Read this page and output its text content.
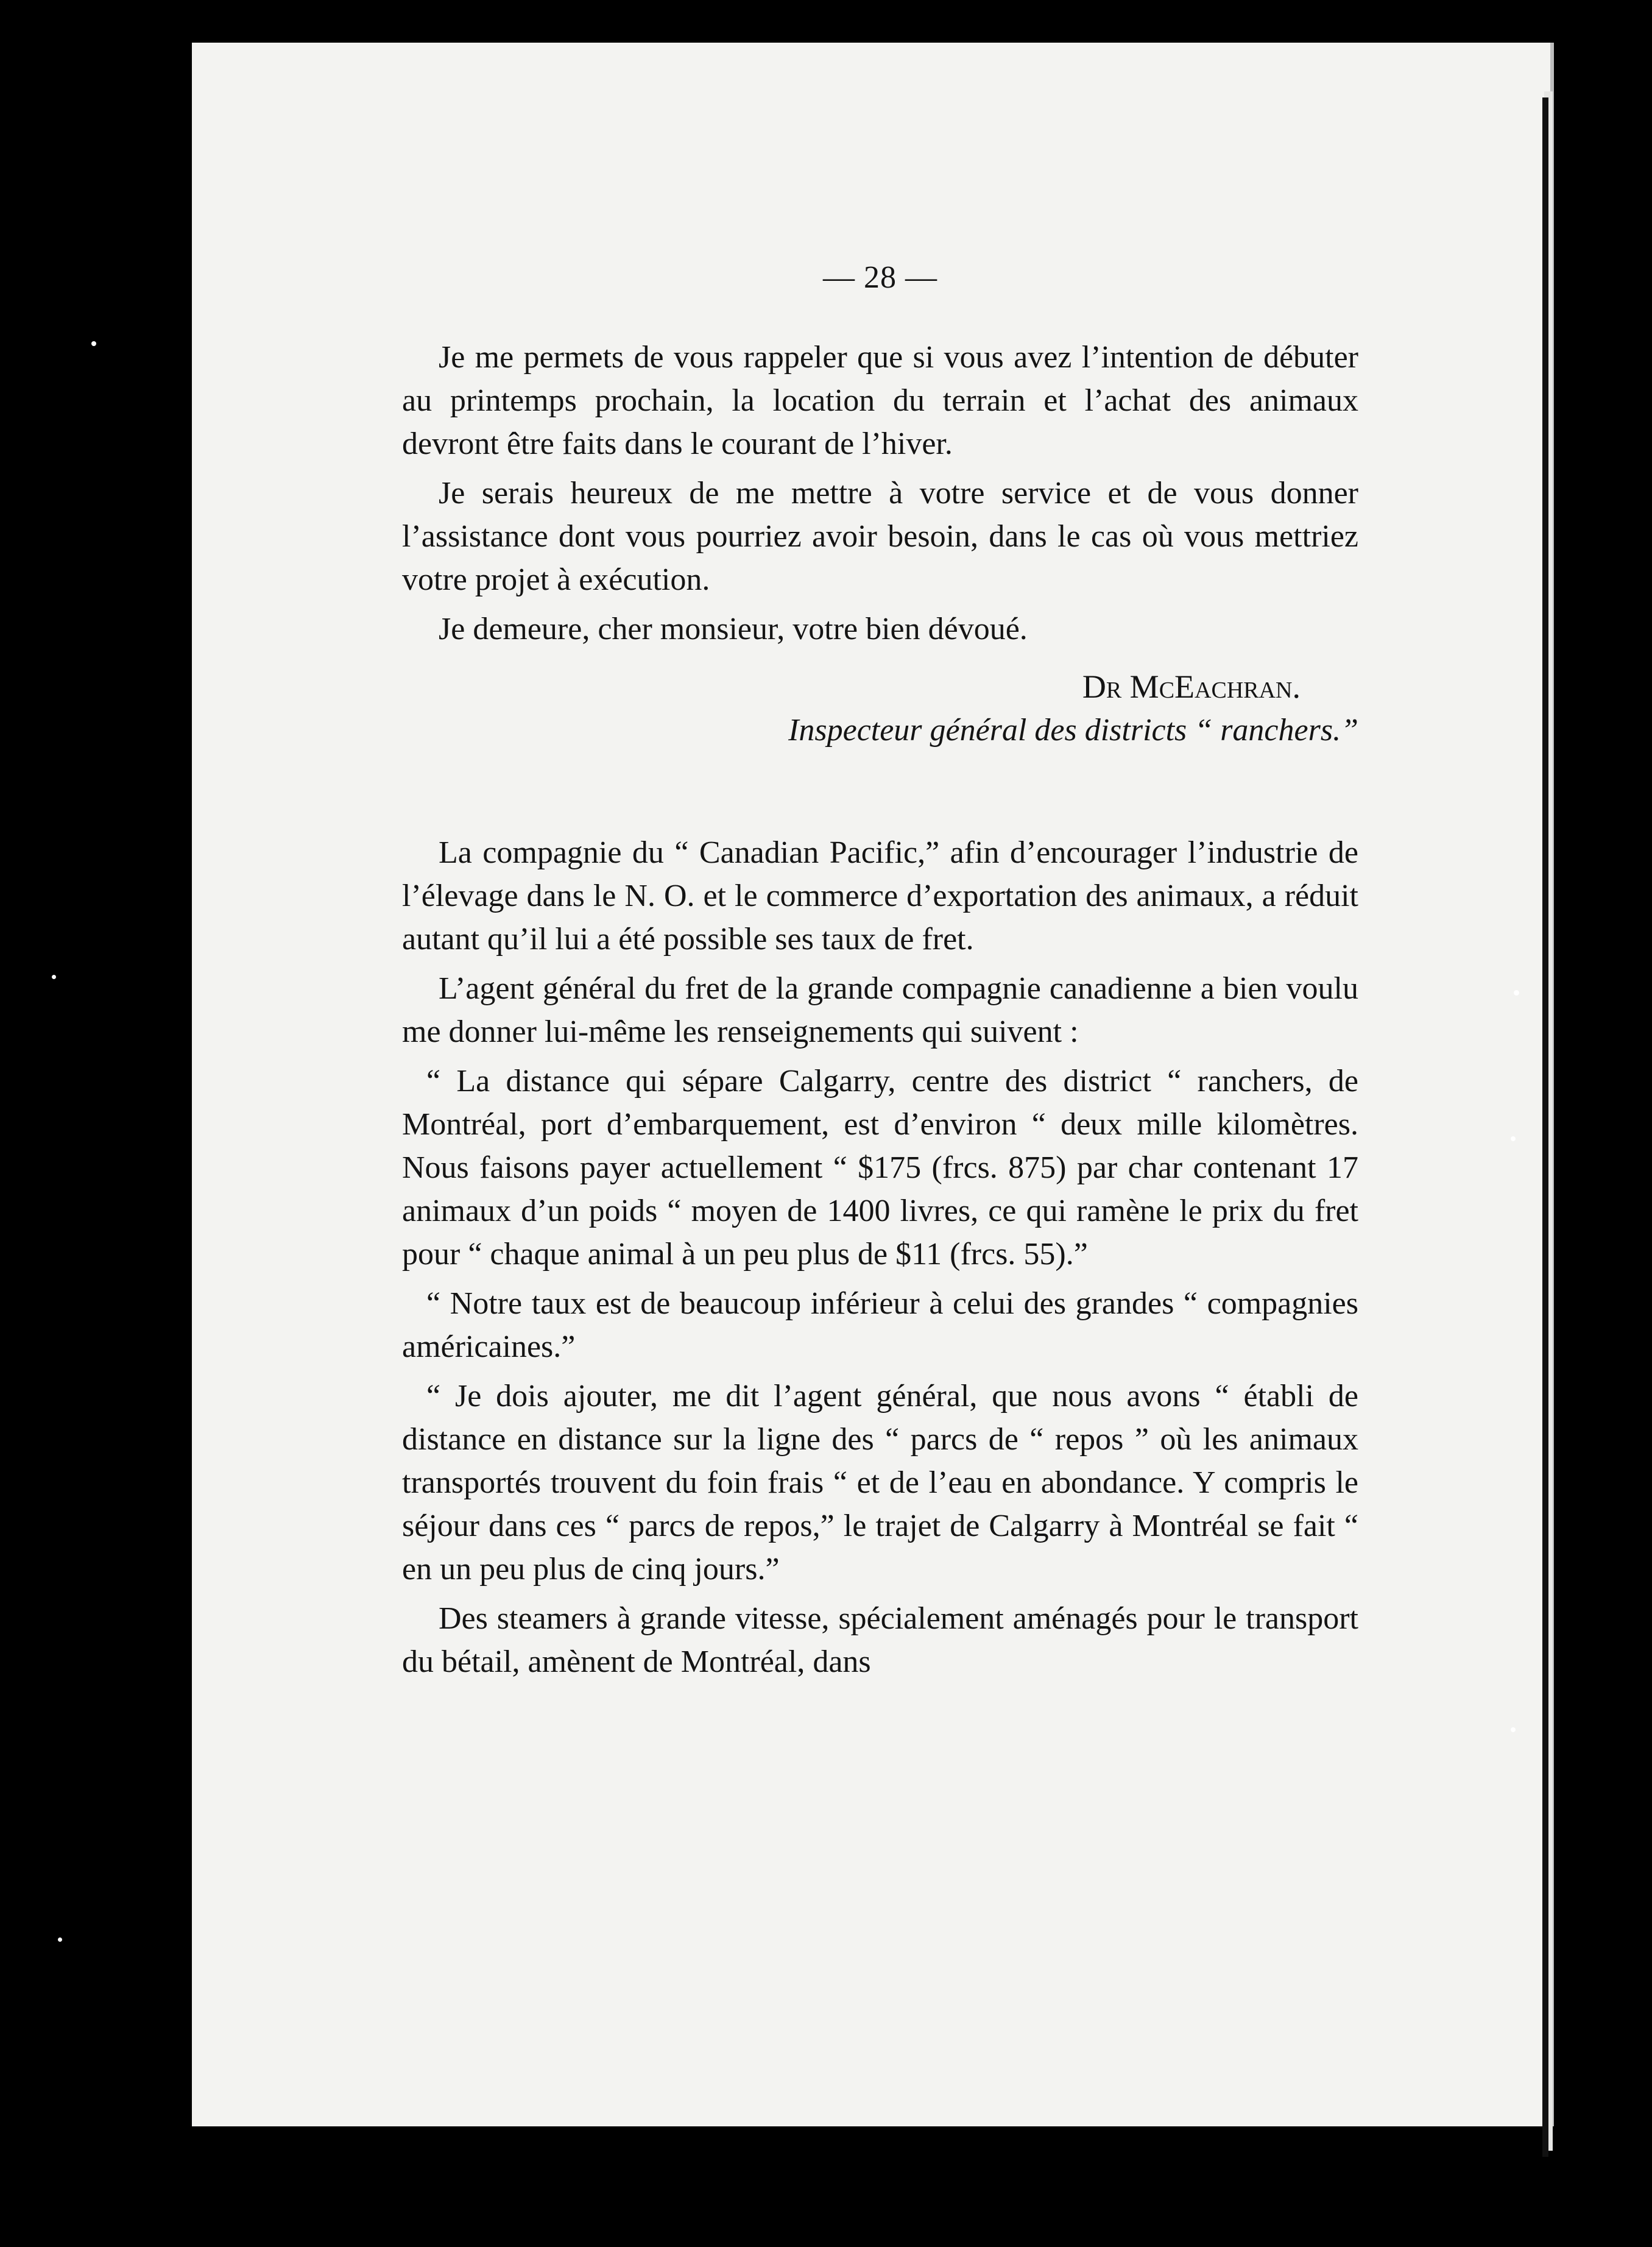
— 28 —

Je me permets de vous rappeler que si vous avez l’intention de débuter au printemps prochain, la location du terrain et l’achat des animaux devront être faits dans le courant de l’hiver.

Je serais heureux de me mettre à votre service et de vous donner l’assistance dont vous pourriez avoir besoin, dans le cas où vous mettriez votre projet à exécution.

Je demeure, cher monsieur, votre bien dévoué.

Dr McEachran.
Inspecteur général des districts “ ranchers.”

La compagnie du “ Canadian Pacific,” afin d’encourager l’industrie de l’élevage dans le N. O. et le commerce d’exportation des animaux, a réduit autant qu’il lui a été possible ses taux de fret.

L’agent général du fret de la grande compagnie canadienne a bien voulu me donner lui-même les renseignements qui suivent :

“ La distance qui sépare Calgarry, centre des district “ ranchers, de Montréal, port d’embarquement, est d’environ “ deux mille kilomètres. Nous faisons payer actuellement “ $175 (frcs. 875) par char contenant 17 animaux d’un poids “ moyen de 1400 livres, ce qui ramène le prix du fret pour “ chaque animal à un peu plus de $11 (frcs. 55).”

“ Notre taux est de beaucoup inférieur à celui des grandes “ compagnies américaines.”

“ Je dois ajouter, me dit l’agent général, que nous avons “ établi de distance en distance sur la ligne des “ parcs de “ repos ” où les animaux transportés trouvent du foin frais “ et de l’eau en abondance. Y compris le séjour dans ces “ parcs de repos,” le trajet de Calgarry à Montréal se fait “ en un peu plus de cinq jours.”

Des steamers à grande vitesse, spécialement aménagés pour le transport du bétail, amènent de Montréal, dans
